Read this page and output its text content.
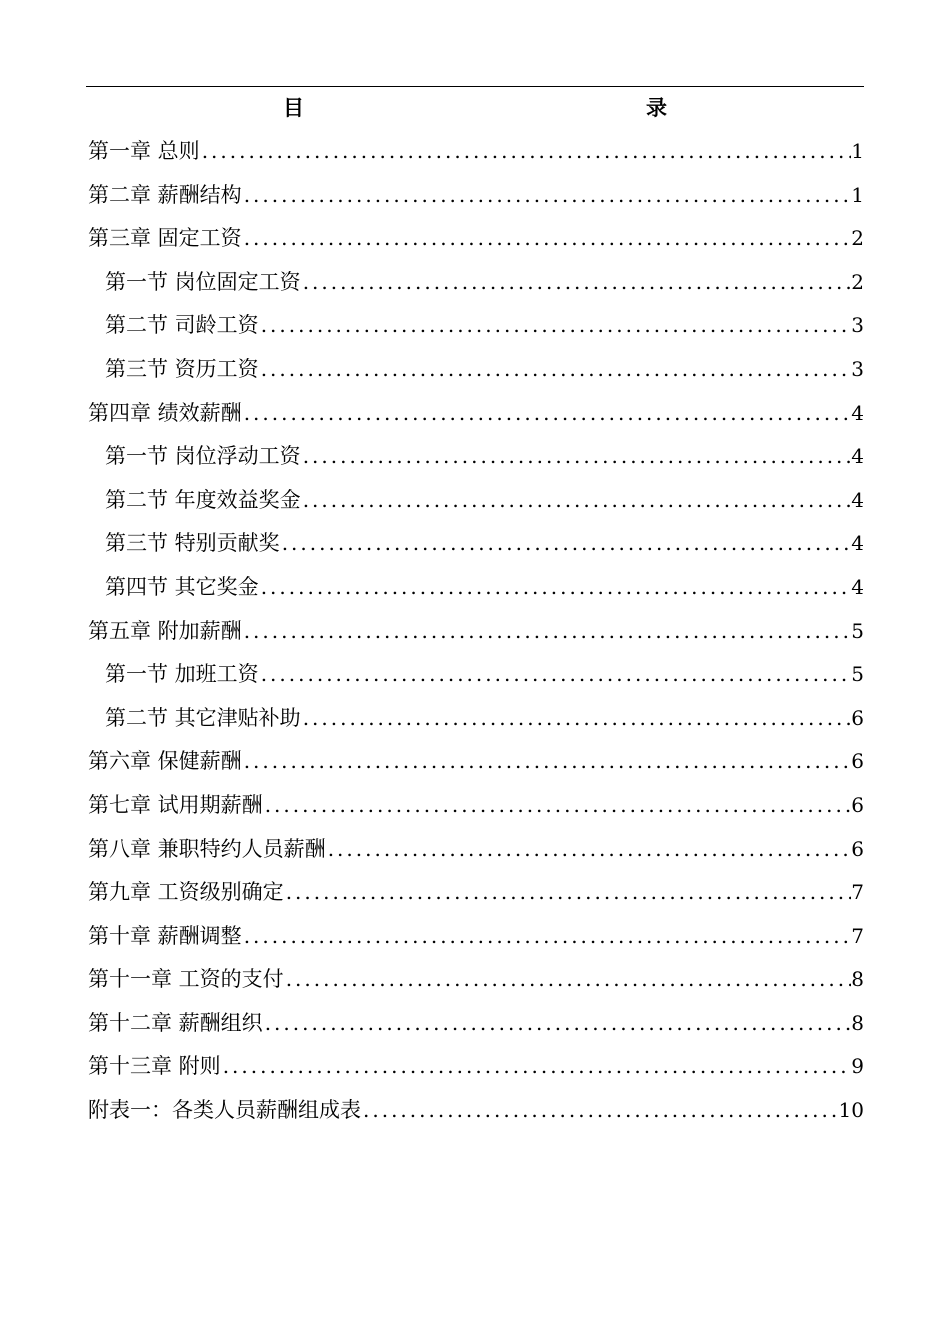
目　　录
第一章 总则 .....	1
第二章 薪酬结构 .....	1
第三章 固定工资 .....	2
第一节 岗位固定工资 .....	2
第二节 司龄工资 .....	3
第三节 资历工资 .....	3
第四章 绩效薪酬 .....	4
第一节 岗位浮动工资 .....	4
第二节 年度效益奖金 .....	4
第三节 特别贡献奖 .....	4
第四节 其它奖金 .....	4
第五章 附加薪酬 .....	5
第一节 加班工资 .....	5
第二节 其它津贴补助 .....	6
第六章 保健薪酬 .....	6
第七章 试用期薪酬 .....	6
第八章 兼职特约人员薪酬 .....	6
第九章 工资级别确定 .....	7
第十章 薪酬调整 .....	7
第十一章 工资的支付 .....	8
第十二章 薪酬组织 .....	8
第十三章 附则 .....	9
附表一：各类人员薪酬组成表 .....	10
